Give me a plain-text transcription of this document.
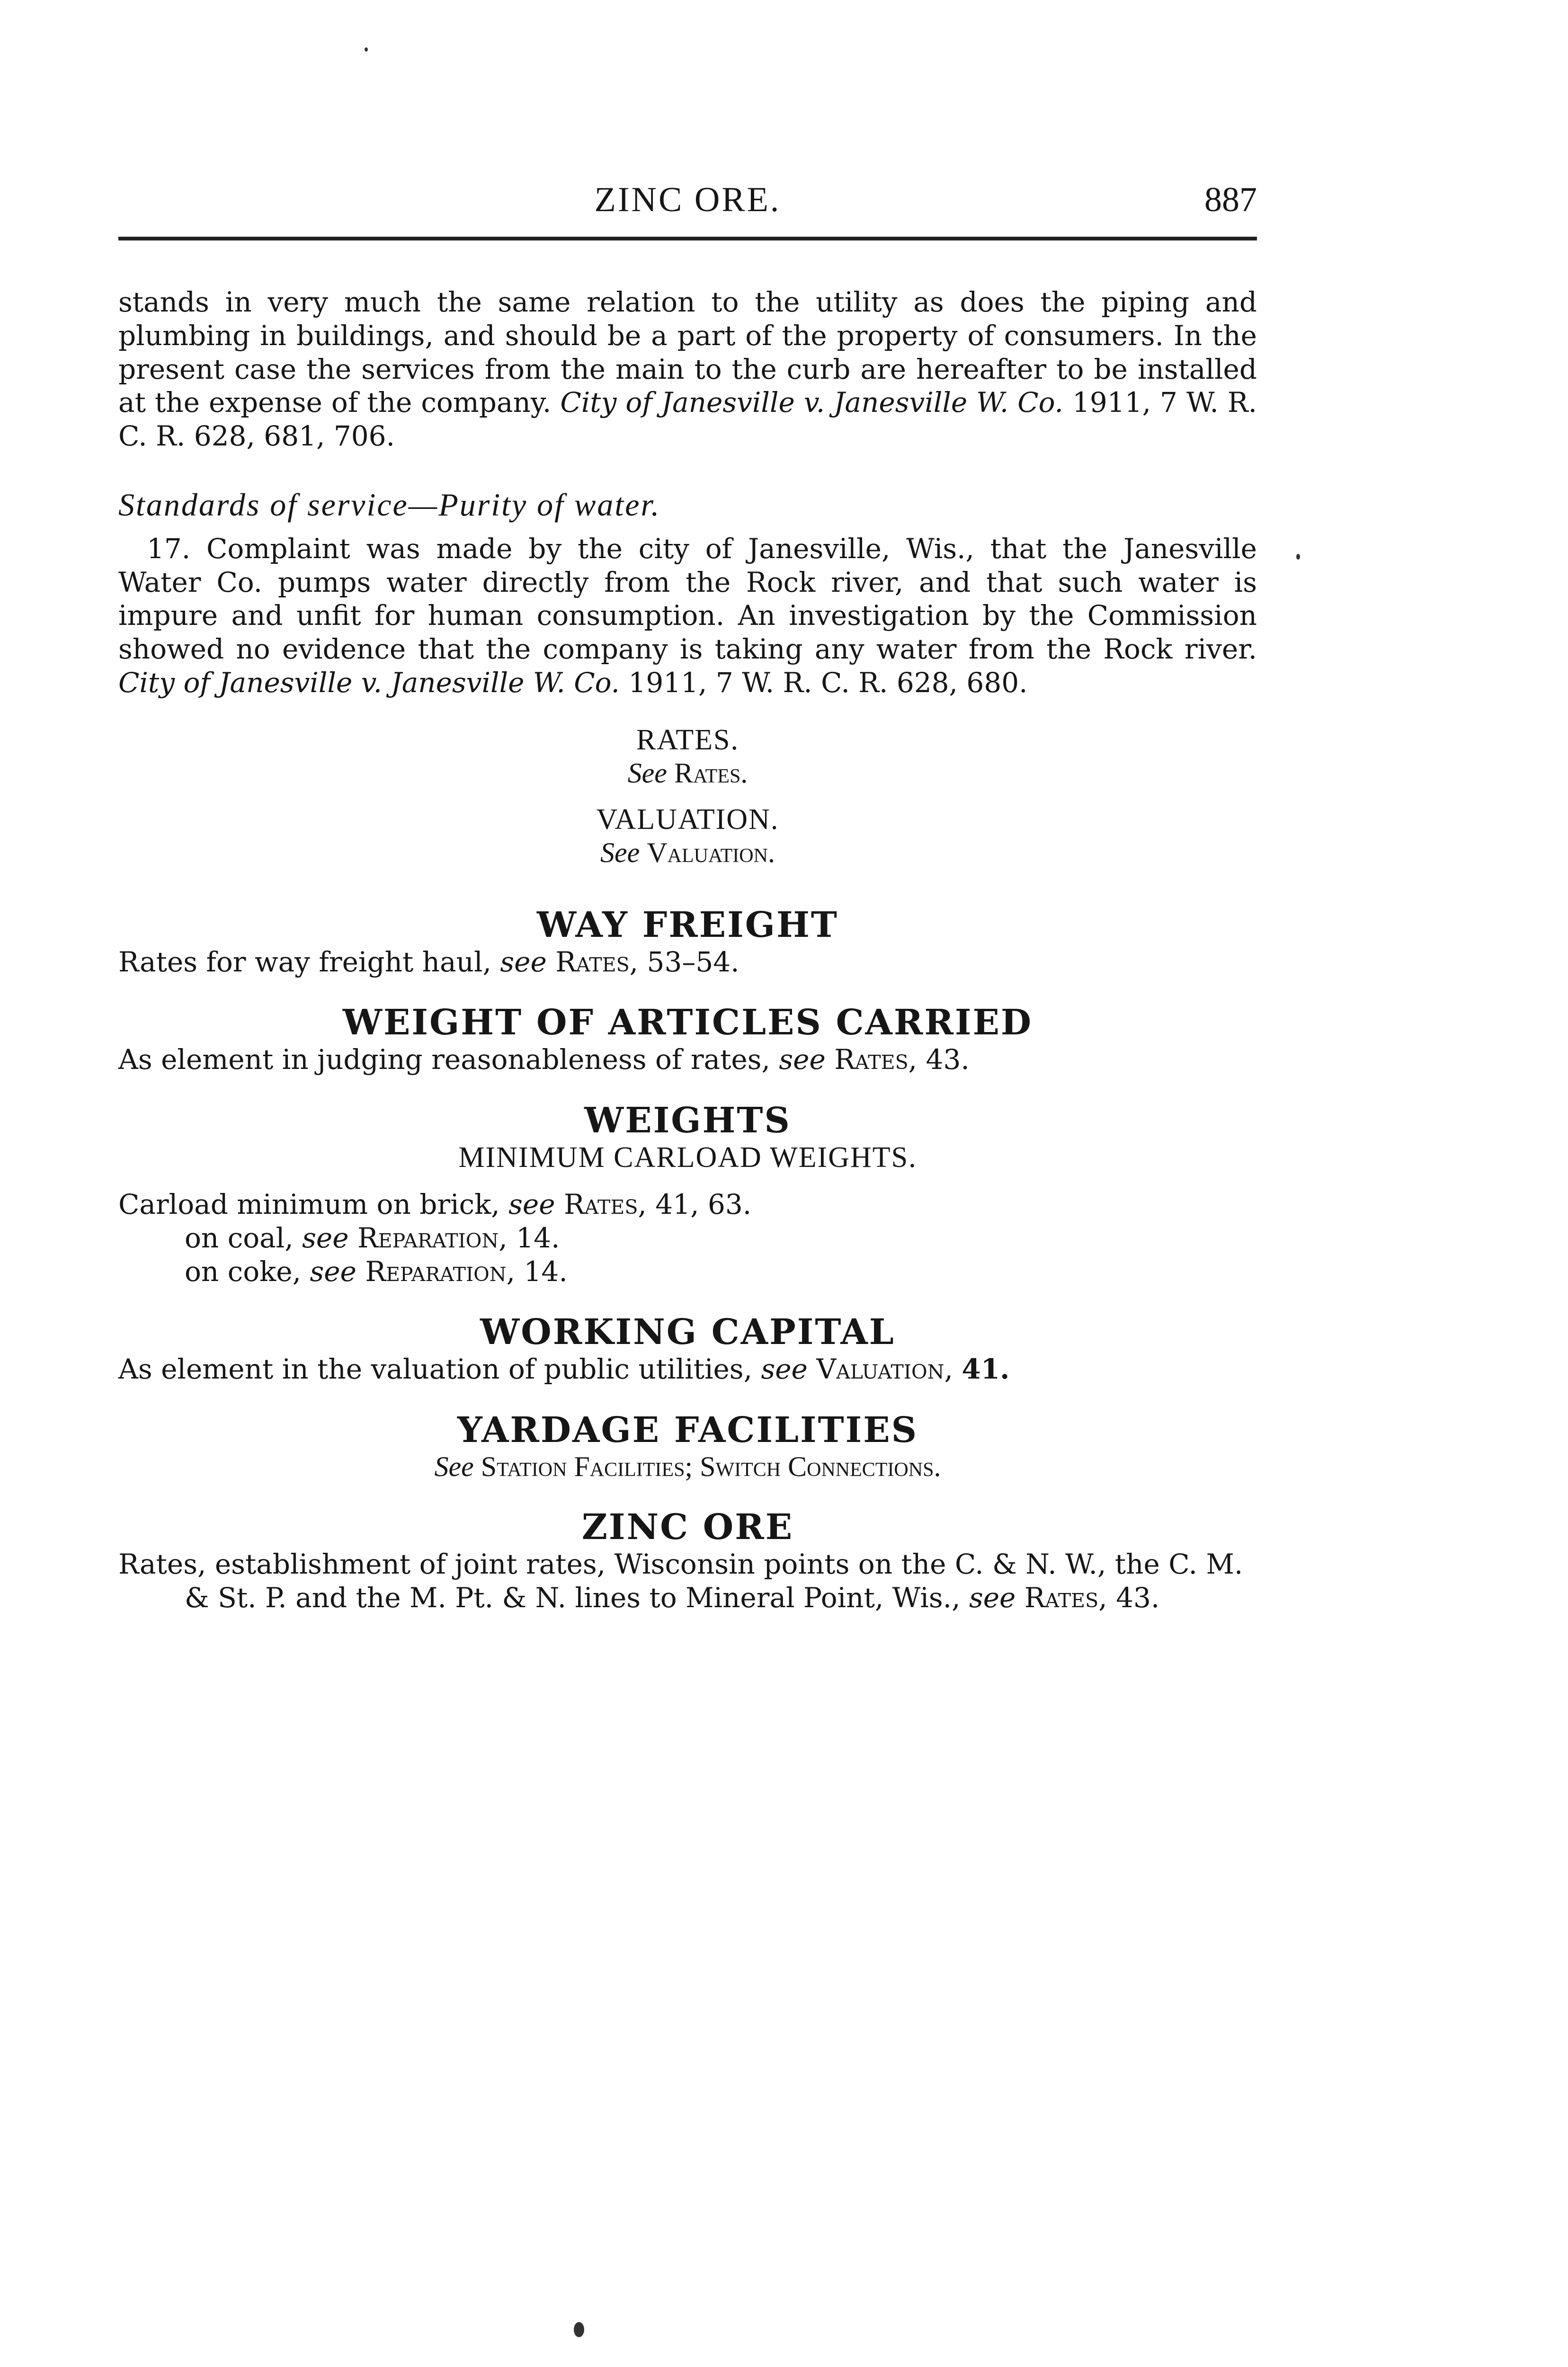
ZINC ORE.	887

stands in very much the same relation to the utility as does the piping and plumbing in buildings, and should be a part of the property of consumers. In the present case the services from the main to the curb are hereafter to be installed at the expense of the company. City of Janesville v. Janesville W. Co. 1911, 7 W. R. C. R. 628, 681, 706.

Standards of service—Purity of water.

17. Complaint was made by the city of Janesville, Wis., that the Janesville Water Co. pumps water directly from the Rock river, and that such water is impure and unfit for human consumption. An investigation by the Commission showed no evidence that the company is taking any water from the Rock river. City of Janesville v. Janesville W. Co. 1911, 7 W. R. C. R. 628, 680.

RATES.

See Rates.

VALUATION.

See Valuation.

WAY FREIGHT

Rates for way freight haul, see Rates, 53–54.

WEIGHT OF ARTICLES CARRIED

As element in judging reasonableness of rates, see Rates, 43.

WEIGHTS

MINIMUM CARLOAD WEIGHTS.

Carload minimum on brick, see Rates, 41, 63.

on coal, see Reparation, 14.

on coke, see Reparation, 14.

WORKING CAPITAL

As element in the valuation of public utilities, see Valuation, 41.

YARDAGE FACILITIES

See Station Facilities; Switch Connections.

ZINC ORE

Rates, establishment of joint rates, Wisconsin points on the C. & N. W., the C. M. & St. P. and the M. Pt. & N. lines to Mineral Point, Wis., see Rates, 43.
